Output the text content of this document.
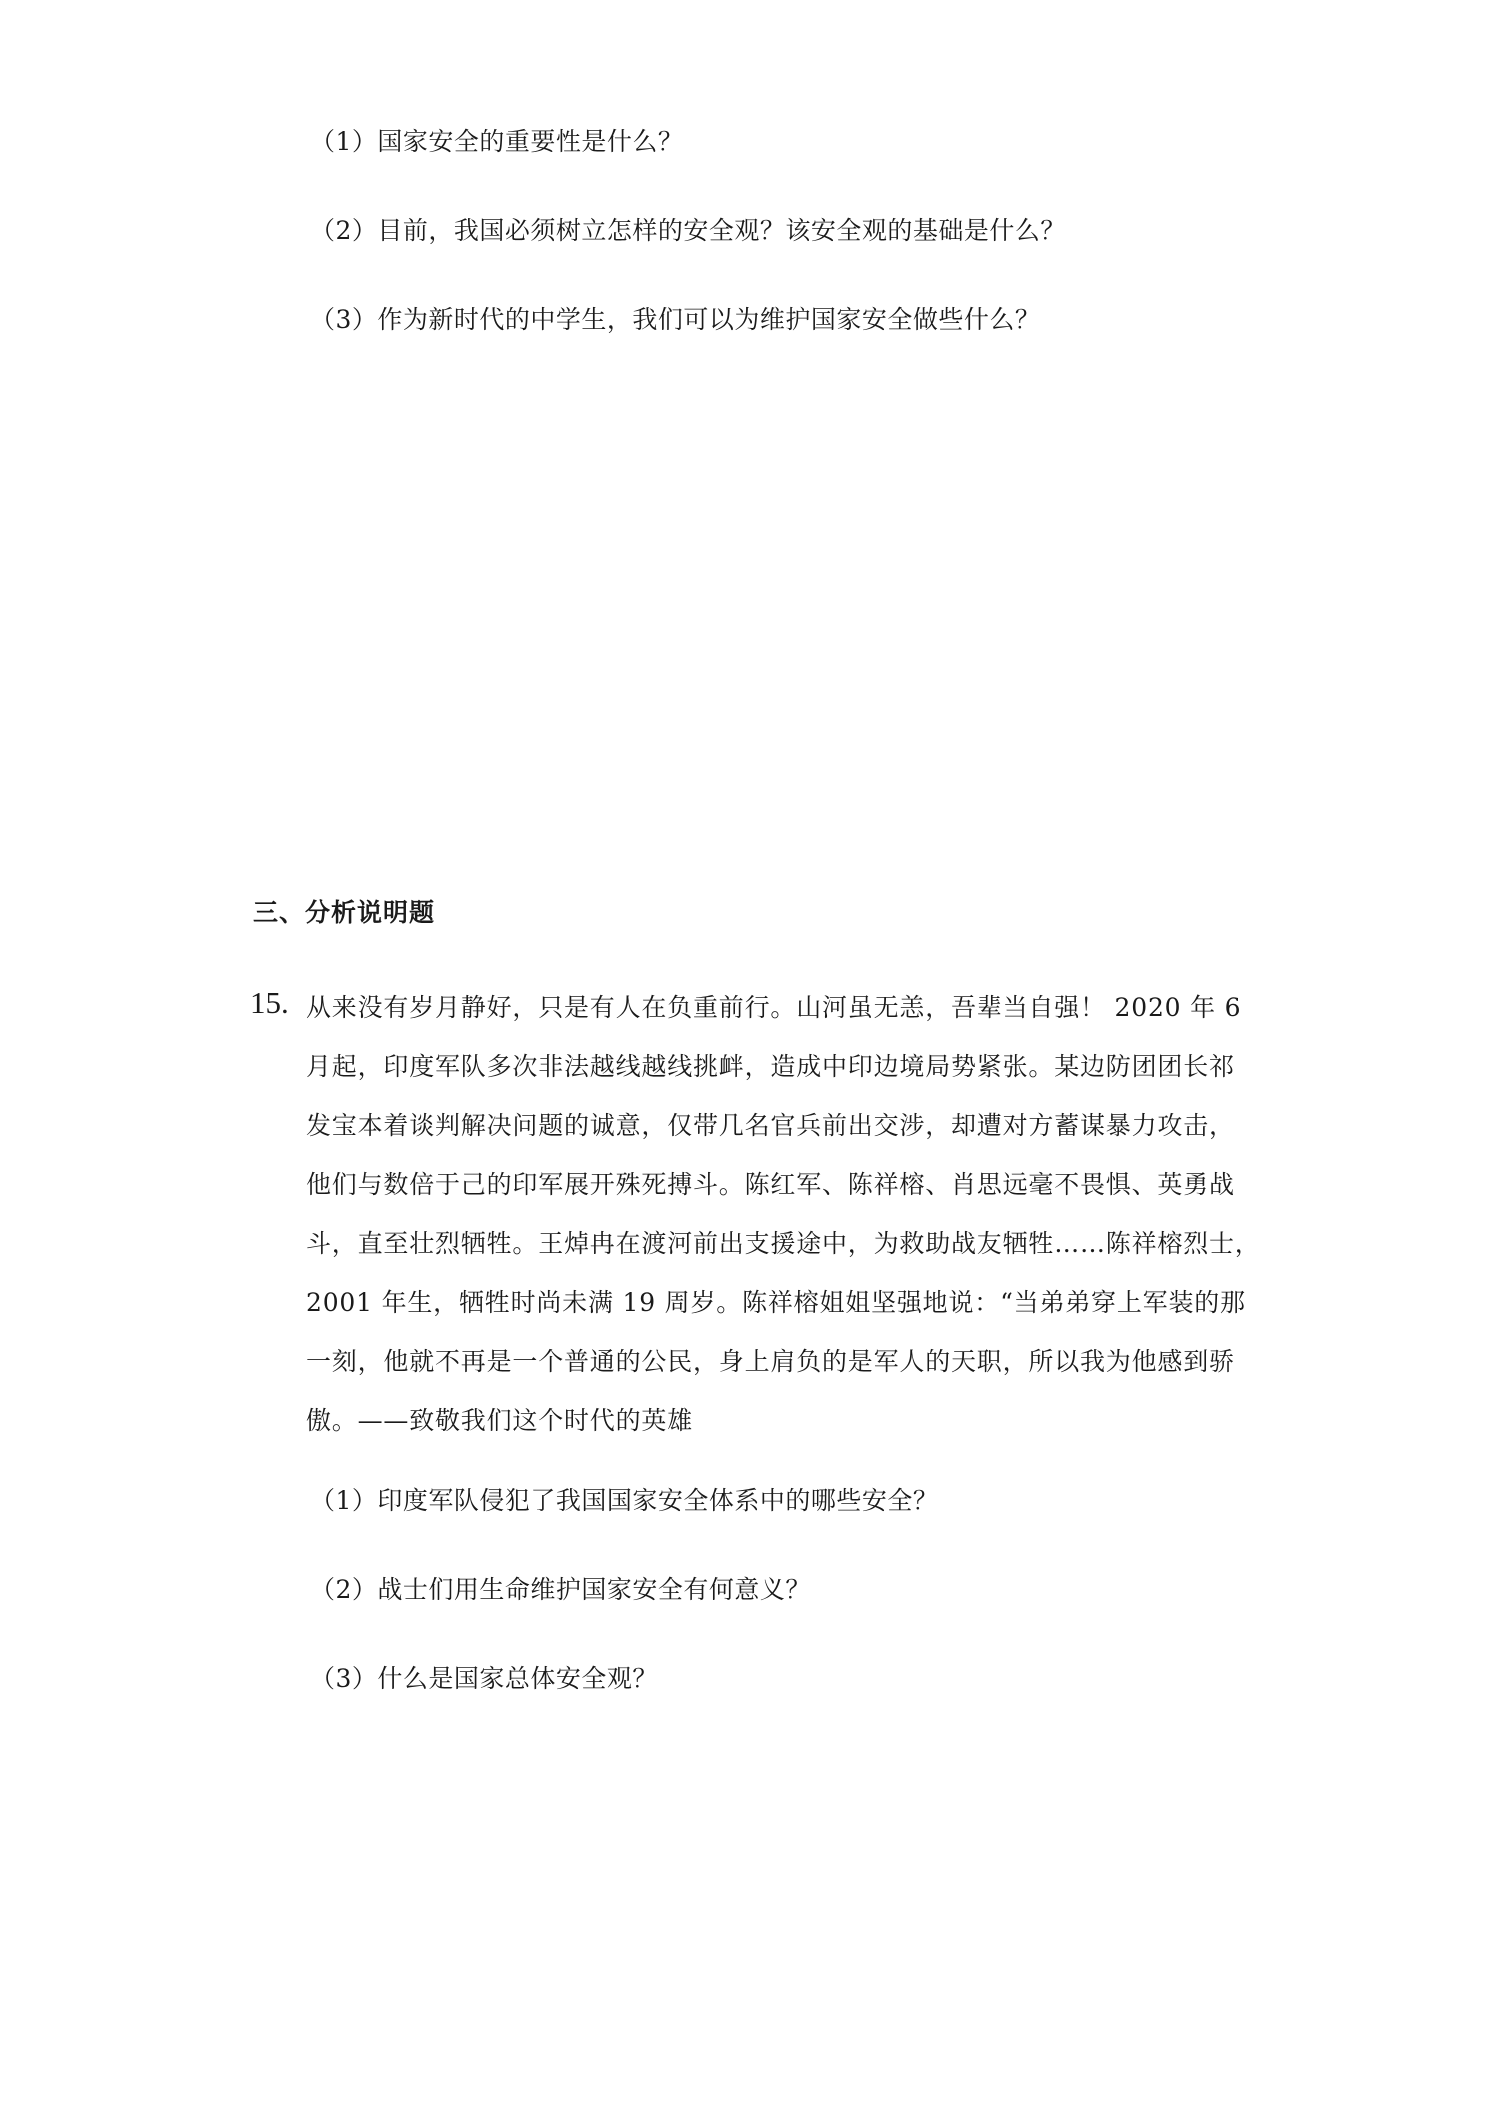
（1）国家安全的重要性是什么？
（2）目前，我国必须树立怎样的安全观？该安全观的基础是什么？
（3）作为新时代的中学生，我们可以为维护国家安全做些什么？
三、分析说明题
15. 从来没有岁月静好，只是有人在负重前行。山河虽无恙，吾辈当自强！ 2020 年 6
月起，印度军队多次非法越线越线挑衅，造成中印边境局势紧张。某边防团团长祁
发宝本着谈判解决问题的诚意，仅带几名官兵前出交涉，却遭对方蓄谋暴力攻击，
他们与数倍于己的印军展开殊死搏斗。陈红军、陈祥榕、肖思远毫不畏惧、英勇战
斗，直至壮烈牺牲。王焯冉在渡河前出支援途中，为救助战友牺牲……陈祥榕烈士，
2001 年生，牺牲时尚未满 19 周岁。陈祥榕姐姐坚强地说：“当弟弟穿上军装的那
一刻，他就不再是一个普通的公民，身上肩负的是军人的天职，所以我为他感到骄
傲。——致敬我们这个时代的英雄
（1）印度军队侵犯了我国国家安全体系中的哪些安全？
（2）战士们用生命维护国家安全有何意义？
（3）什么是国家总体安全观？
